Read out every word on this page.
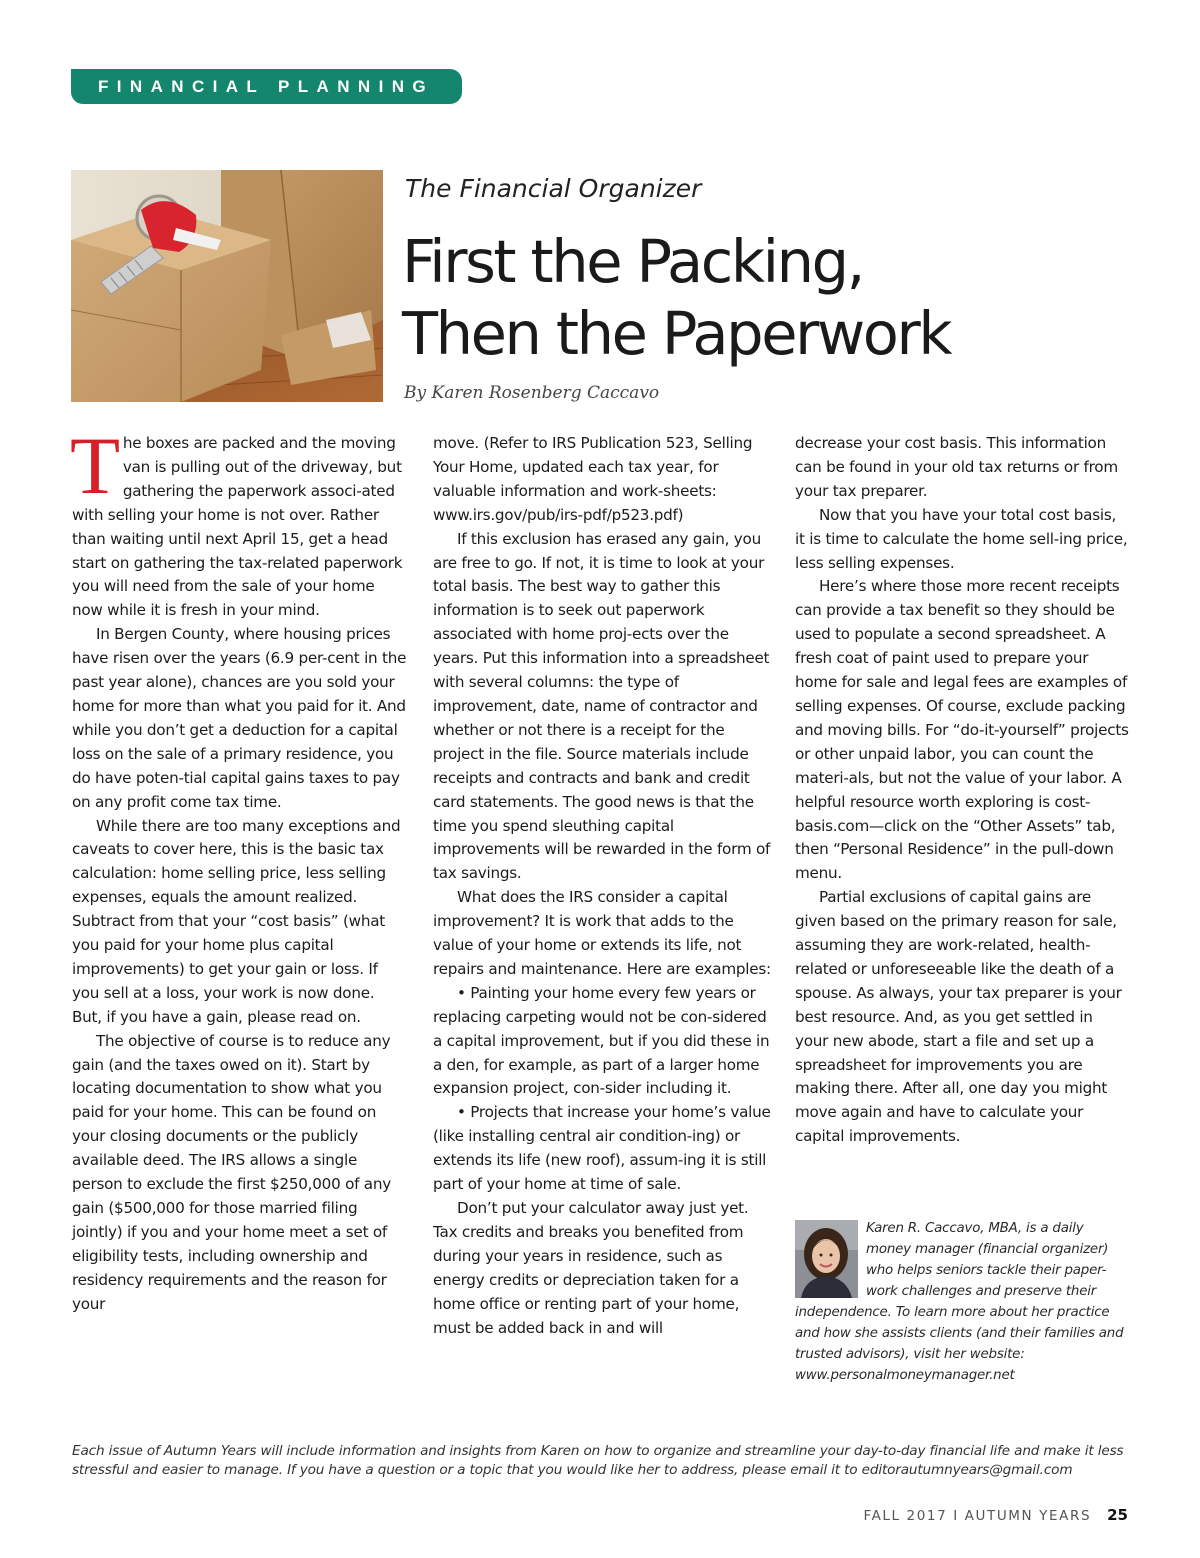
FINANCIAL PLANNING
The Financial Organizer
First the Packing,
Then the Paperwork
By Karen Rosenberg Caccavo

The boxes are packed and the moving van is pulling out of the driveway, but gathering the paperwork associ-ated with selling your home is not over. Rather than waiting until next April 15, get a head start on gathering the tax-related paperwork you will need from the sale of your home now while it is fresh in your mind.

In Bergen County, where housing prices have risen over the years (6.9 per-cent in the past year alone), chances are you sold your home for more than what you paid for it. And while you don’t get a deduction for a capital loss on the sale of a primary residence, you do have poten-tial capital gains taxes to pay on any profit come tax time.

While there are too many exceptions and caveats to cover here, this is the basic tax calculation: home selling price, less selling expenses, equals the amount realized. Subtract from that your “cost basis” (what you paid for your home plus capital improvements) to get your gain or loss. If you sell at a loss, your work is now done. But, if you have a gain, please read on.

The objective of course is to reduce any gain (and the taxes owed on it). Start by locating documentation to show what you paid for your home. This can be found on your closing documents or the publicly available deed. The IRS allows a single person to exclude the first $250,000 of any gain ($500,000 for those married filing jointly) if you and your home meet a set of eligibility tests, including ownership and residency requirements and the reason for your

move. (Refer to IRS Publication 523, Selling Your Home, updated each tax year, for valuable information and work-sheets: www.irs.gov/pub/irs-pdf/p523.pdf)

If this exclusion has erased any gain, you are free to go. If not, it is time to look at your total basis. The best way to gather this information is to seek out paperwork associated with home proj-ects over the years. Put this information into a spreadsheet with several columns: the type of improvement, date, name of contractor and whether or not there is a receipt for the project in the file. Source materials include receipts and contracts and bank and credit card statements. The good news is that the time you spend sleuthing capital improvements will be rewarded in the form of tax savings.

What does the IRS consider a capital improvement? It is work that adds to the value of your home or extends its life, not repairs and maintenance. Here are examples:

• Painting your home every few years or replacing carpeting would not be con-sidered a capital improvement, but if you did these in a den, for example, as part of a larger home expansion project, con-sider including it.

• Projects that increase your home’s value (like installing central air condition-ing) or extends its life (new roof), assum-ing it is still part of your home at time of sale.

Don’t put your calculator away just yet. Tax credits and breaks you benefited from during your years in residence, such as energy credits or depreciation taken for a home office or renting part of your home, must be added back in and will

decrease your cost basis. This information can be found in your old tax returns or from your tax preparer.

Now that you have your total cost basis, it is time to calculate the home sell-ing price, less selling expenses.

Here’s where those more recent receipts can provide a tax benefit so they should be used to populate a second spreadsheet. A fresh coat of paint used to prepare your home for sale and legal fees are examples of selling expenses. Of course, exclude packing and moving bills. For “do-it-yourself” projects or other unpaid labor, you can count the materi-als, but not the value of your labor. A helpful resource worth exploring is cost-basis.com—click on the “Other Assets” tab, then “Personal Residence” in the pull-down menu.

Partial exclusions of capital gains are given based on the primary reason for sale, assuming they are work-related, health-related or unforeseeable like the death of a spouse. As always, your tax preparer is your best resource. And, as you get settled in your new abode, start a file and set up a spreadsheet for improvements you are making there. After all, one day you might move again and have to calculate your capital improvements.

Karen R. Caccavo, MBA, is a daily money manager (financial organizer) who helps seniors tackle their paper-work challenges and preserve their independence. To learn more about her practice and how she assists clients (and their families and trusted advisors), visit her website: www.personalmoneymanager.net

Each issue of Autumn Years will include information and insights from Karen on how to organize and streamline your day-to-day financial life and make it less stressful and easier to manage. If you have a question or a topic that you would like her to address, please email it to editorautumnyears@gmail.com

FALL 2017 I AUTUMN YEARS 25
